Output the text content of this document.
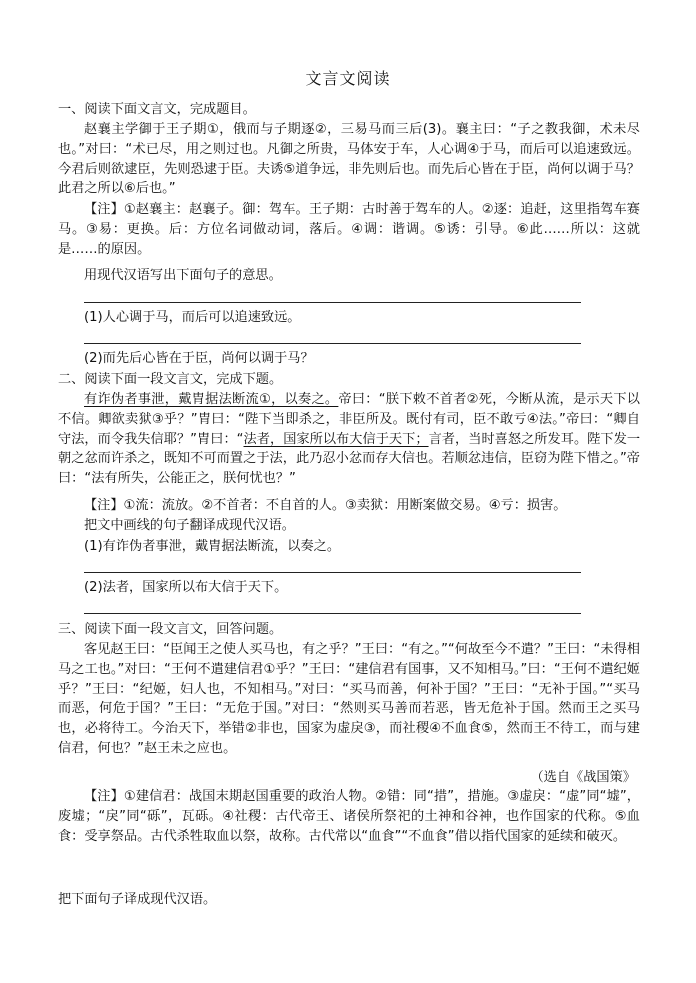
文言文阅读
一、阅读下面文言文，完成题目。
赵襄主学御于王子期①，俄而与子期逐②，三易马而三后(3)。襄主曰：“子之教我御，术未尽也。”对曰：“术已尽，用之则过也。凡御之所贵，马体安于车，人心调④于马，而后可以追速致远。今君后则欲逮臣，先则恐逮于臣。夫诱⑤道争远，非先则后也。而先后心皆在于臣，尚何以调于马？此君之所以⑥后也。”
【注】①赵襄主：赵襄子。御：驾车。王子期：古时善于驾车的人。②逐：追赶，这里指驾车赛马。③易：更换。后：方位名词做动词，落后。④调：谐调。⑤诱：引导。⑥此……所以：这就是……的原因。
用现代汉语写出下面句子的意思。
(1)人心调于马，而后可以追速致远。
(2)而先后心皆在于臣，尚何以调于马？
二、阅读下面一段文言文，完成下题。
有诈伪者事泄，戴胄据法断流①，以奏之。帝曰：“朕下敕不首者②死，今断从流，是示天下以不信。卿欲卖狱③乎？”胄曰：“陛下当即杀之，非臣所及。既付有司，臣不敢亏④法。”帝曰：“卿自守法，而令我失信耶？”胄曰：“法者，国家所以布大信于天下；言者，当时喜怒之所发耳。陛下发一朝之忿而许杀之，既知不可而置之于法，此乃忍小忿而存大信也。若顺忿违信，臣窃为陛下惜之。”帝曰：“法有所失，公能正之，朕何忧也？”
【注】①流：流放。②不首者：不自首的人。③卖狱：用断案做交易。④亏：损害。
把文中画线的句子翻译成现代汉语。
(1)有诈伪者事泄，戴胄据法断流，以奏之。
(2)法者，国家所以布大信于天下。
三、阅读下面一段文言文，回答问题。
客见赵王曰：“臣闻王之使人买马也，有之乎？”王曰：“有之。”“何故至今不遣？”王曰：“未得相马之工也。”对曰：“王何不遣建信君①乎？”王曰：“建信君有国事，又不知相马。”曰：“王何不遣纪姬乎？”王曰：“纪姬，妇人也，不知相马。”对曰：“买马而善，何补于国？”王曰：“无补于国。”“买马而恶，何危于国？”王曰：“无危于国。”对曰：“然则买马善而若恶，皆无危补于国。然而王之买马也，必将待工。今治天下，举错②非也，国家为虚戾③，而社稷④不血食⑤，然而王不待工，而与建信君，何也？”赵王未之应也。
（选自《战国策》
【注】①建信君：战国末期赵国重要的政治人物。②错：同“措”，措施。③虚戾：“虚”同“墟”，废墟；“戾”同“砾”，瓦砾。④社稷：古代帝王、诸侯所祭祀的土神和谷神，也作国家的代称。⑤血食：受享祭品。古代杀牲取血以祭，故称。古代常以“血食”“不血食”借以指代国家的延续和破灭。
把下面句子译成现代汉语。
